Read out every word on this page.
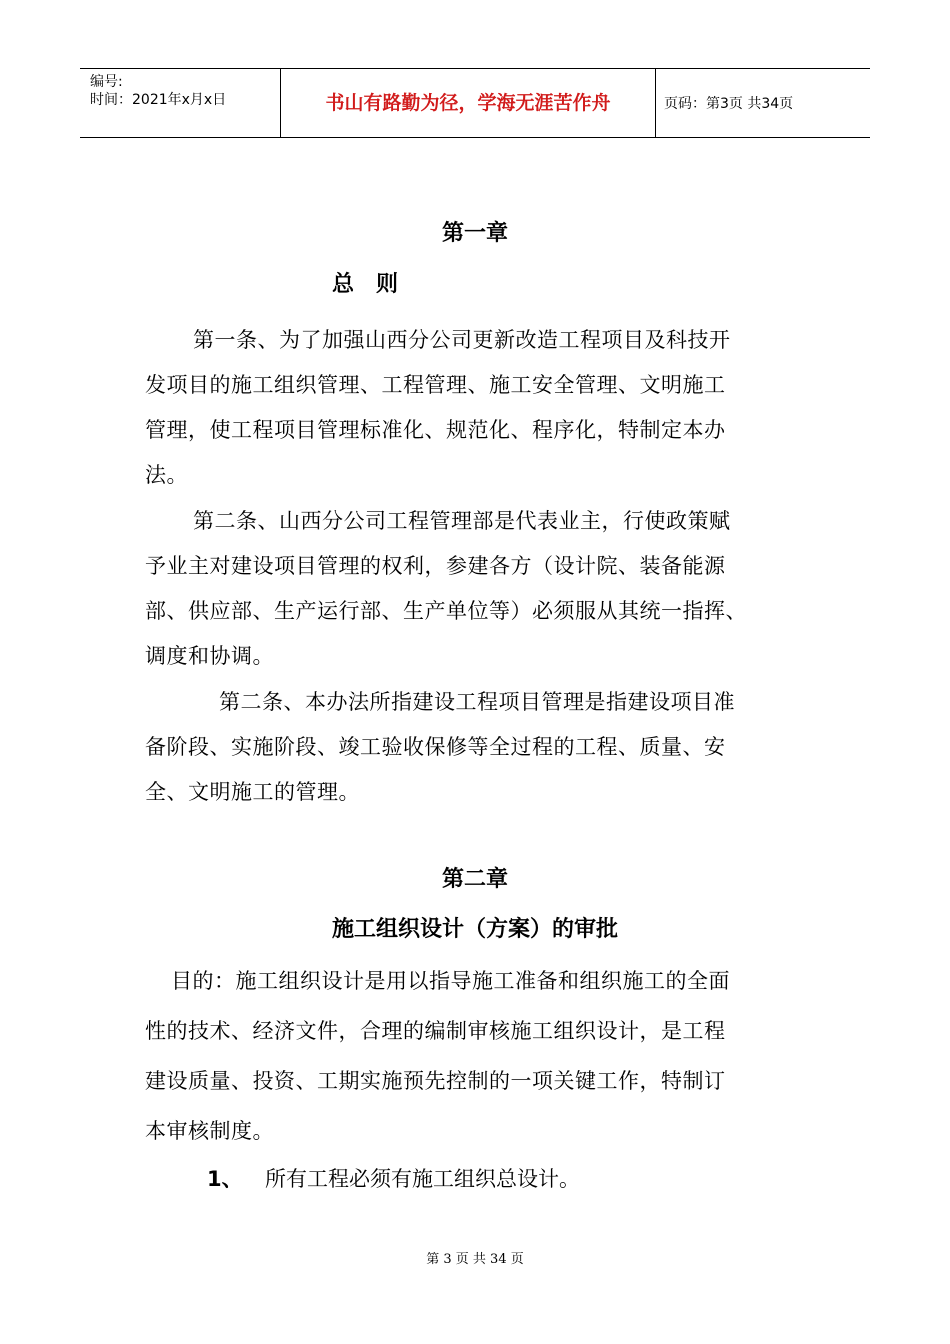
编号:
时间：2021年x月x日	书山有路勤为径，学海无涯苦作舟	页码：第3页 共34页
第一章
总　则
第一条、为了加强山西分公司更新改造工程项目及科技开
发项目的施工组织管理、工程管理、施工安全管理、文明施工
管理，使工程项目管理标准化、规范化、程序化，特制定本办
法。
第二条、山西分公司工程管理部是代表业主，行使政策赋
予业主对建设项目管理的权利，参建各方（设计院、装备能源
部、供应部、生产运行部、生产单位等）必须服从其统一指挥、
调度和协调。
第二条、本办法所指建设工程项目管理是指建设项目准
备阶段、实施阶段、竣工验收保修等全过程的工程、质量、安
全、文明施工的管理。
第二章
施工组织设计（方案）的审批
目的：施工组织设计是用以指导施工准备和组织施工的全面
性的技术、经济文件，合理的编制审核施工组织设计，是工程
建设质量、投资、工期实施预先控制的一项关键工作，特制订
本审核制度。
1、 所有工程必须有施工组织总设计。
第 3 页 共 34 页
